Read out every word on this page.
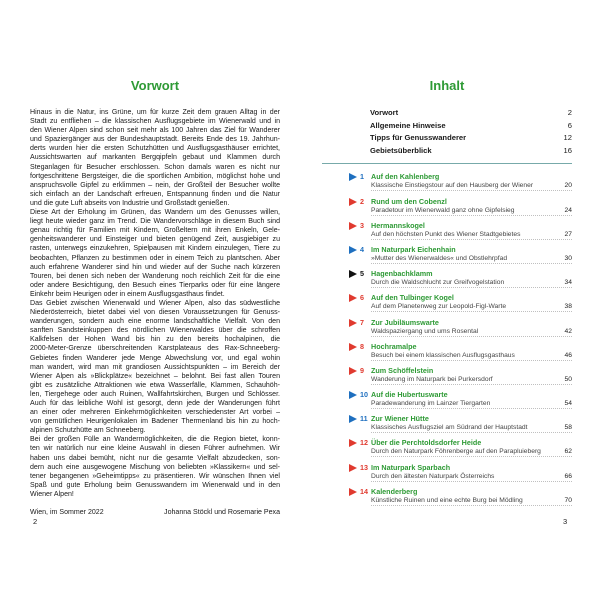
Vorwort
Hinaus in die Natur, ins Grüne, um für kurze Zeit dem grauen Alltag in der
Stadt zu entfliehen – die klassischen Ausflugsgebiete im Wienerwald und in
den Wiener Alpen sind schon seit mehr als 100 Jahren das Ziel für Wanderer
und Spaziergänger aus der Bundeshauptstadt. Bereits Ende des 19. Jahrhun-
derts wurden hier die ersten Schutzhütten und Ausflugsgasthäuser errichtet,
Aussichtswarten auf markanten Bergqipfeln gebaut und Klammen durch
Steganlagen für Besucher erschlossen. Schon damals waren es nicht nur
fortgeschrittene Bergsteiger, die die sportlichen Ambition, möglichst hohe und
anspruchsvolle Gipfel zu erklimmen – nein, der Großteil der Besucher wollte
sich einfach an der Landschaft erfreuen, Entspannung finden und die Natur
und die gute Luft abseits von Industrie und Großstadt genießen.
Diese Art der Erholung im Grünen, das Wandern um des Genusses willen,
liegt heute wieder ganz im Trend. Die Wandervorschläge in diesem Buch sind
genau richtig für Familien mit Kindern, Großeltern mit ihren Enkeln, Gele-
genheitswanderer und Einsteiger und bieten genügend Zeit, ausgiebiger zu
rasten, unterwegs einzukehren, Spielpausen mit Kindern einzulegen, Tiere zu
beobachten, Pflanzen zu bestimmen oder in einem Teich zu plantschen. Aber
auch erfahrene Wanderer sind hin und wieder auf der Suche nach kürzeren
Touren, bei denen sich neben der Wanderung noch reichlich Zeit für die eine
oder andere Besichtigung, den Besuch eines Tierparks oder für eine längere
Einkehr beim Heurigen oder in einem Ausflugsgasthaus findet.
Das Gebiet zwischen Wienerwald und Wiener Alpen, also das südwestliche
Niederösterreich, bietet dabei viel von diesen Voraussetzungen für Genuss-
wanderungen, sondern auch eine enorme landschaftliche Vielfalt. Von den
sanften Sandsteinkuppen des nördlichen Wienerwaldes über die schroffen
Kalkfelsen der Hohen Wand bis hin zu den bereits hochalpinen, die
2000-Meter-Grenze überschreitenden Karstplateaus des Rax-Schneeberg-
Gebietes finden Wanderer jede Menge Abwechslung vor, und egal wohin
man wandert, wird man mit grandiosen Aussichtspunkten – im Bereich der
Wiener Alpen als »Blickplätze« bezeichnet – belohnt. Bei fast allen Touren
gibt es zusätzliche Attraktionen wie etwa Wasserfälle, Klammen, Schauhöh-
len, Tiergehege oder auch Ruinen, Wallfahrtskirchen, Burgen und Schlösser.
Auch für das leibliche Wohl ist gesorgt, denn jede der Wanderungen führt
an einer oder mehreren Einkehrmöglichkeiten verschiedenster Art vorbei –
von gemütlichen Heurigenlokalen im Badener Thermenland bis hin zu hoch-
alpinen Schutzhütte am Schneeberg.
Bei der großen Fülle an Wandermöglichkeiten, die die Region bietet, konn-
ten wir natürlich nur eine kleine Auswahl in diesen Führer aufnehmen. Wir
haben uns dabei bemüht, nicht nur die gesamte Vielfalt abzudecken, son-
dern auch eine ausgewogene Mischung von beliebten »Klassikern« und sel-
tener begangenen »Geheimtipps« zu präsentieren. Wir wünschen Ihnen viel
Spaß und gute Erholung beim Genusswandern im Wienerwald und in den
Wiener Alpen!
Wien, im Sommer 2022	Johanna Stöckl und Rosemarie Pexa
2
Inhalt
Vorwort	2
Allgemeine Hinweise	6
Tipps für Genusswanderer	12
Gebietsüberblick	16
1 Auf den Kahlenberg
Klassische Einstiegstour auf den Hausberg der Wiener	20
2 Rund um den Cobenzl
Paradetour im Wienerwald ganz ohne Gipfelsieg	24
3 Hermannskogel
Auf den höchsten Punkt des Wiener Stadtgebietes	27
4 Im Naturpark Eichenhain
»Mutter des Wienerwaldes« und Obstlehrpfad	30
5 Hagenbachklamm
Durch die Waldschlucht zur Greifvogelstation	34
6 Auf den Tulbinger Kogel
Auf dem Planetenweg zur Leopold-Figl-Warte	38
7 Zur Jubiläumswarte
Waldspaziergang und ums Rosental	42
8 Hochramalpe
Besuch bei einem klassischen Ausflugsgasthaus	46
9 Zum Schöffelstein
Wanderung im Naturpark bei Purkersdorf	50
10 Auf die Hubertuswarte
Paradewanderung im Lainzer Tiergarten	54
11 Zur Wiener Hütte
Klassisches Ausflugsziel am Südrand der Hauptstadt	58
12 Über die Perchtoldsdorfer Heide
Durch den Naturpark Föhrenberge auf den Parapluieberg	62
13 Im Naturpark Sparbach
Durch den ältesten Naturpark Österreichs	66
14 Kalenderberg
Künstliche Ruinen und eine echte Burg bei Mödling	70
3
